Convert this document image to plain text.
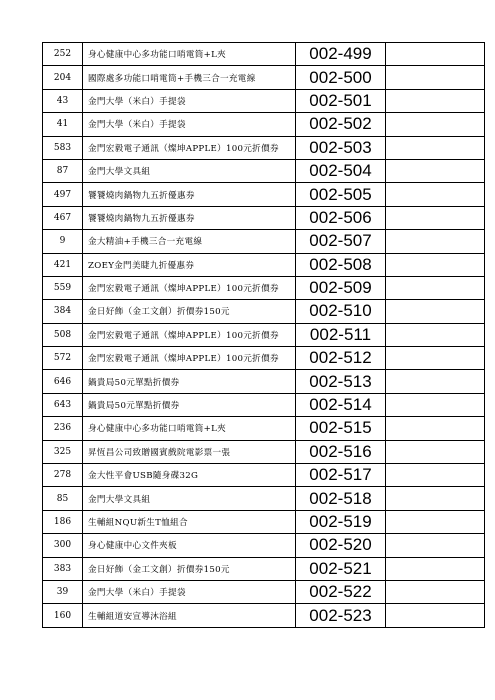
252	身心健康中心多功能口哨電筒+L夾	002-499	
204	國際處多功能口哨電筒+手機三合一充電線	002-500	
43	金門大學（米白）手提袋	002-501	
41	金門大學（米白）手提袋	002-502	
583	金門宏毅電子通訊（燦坤APPLE）100元折價券	002-503	
87	金門大學文具組	002-504	
497	饕饕燒肉鍋物九五折優惠券	002-505	
467	饕饕燒肉鍋物九五折優惠券	002-506	
9	金大精油+手機三合一充電線	002-507	
421	ZOEY金門美睫九折優惠券	002-508	
559	金門宏毅電子通訊（燦坤APPLE）100元折價券	002-509	
384	金日好飾（金工文創）折價券150元	002-510	
508	金門宏毅電子通訊（燦坤APPLE）100元折價券	002-511	
572	金門宏毅電子通訊（燦坤APPLE）100元折價券	002-512	
646	鍋貴局50元單點折價券	002-513	
643	鍋貴局50元單點折價券	002-514	
236	身心健康中心多功能口哨電筒+L夾	002-515	
325	昇恆昌公司致贈國賓戲院電影票一張	002-516	
278	金大性平會USB隨身碟32G	002-517	
85	金門大學文具組	002-518	
186	生輔組NQU新生T恤組合	002-519	
300	身心健康中心文件夾板	002-520	
383	金日好飾（金工文創）折價券150元	002-521	
39	金門大學（米白）手提袋	002-522	
160	生輔組道安宣導沐浴組	002-523	
